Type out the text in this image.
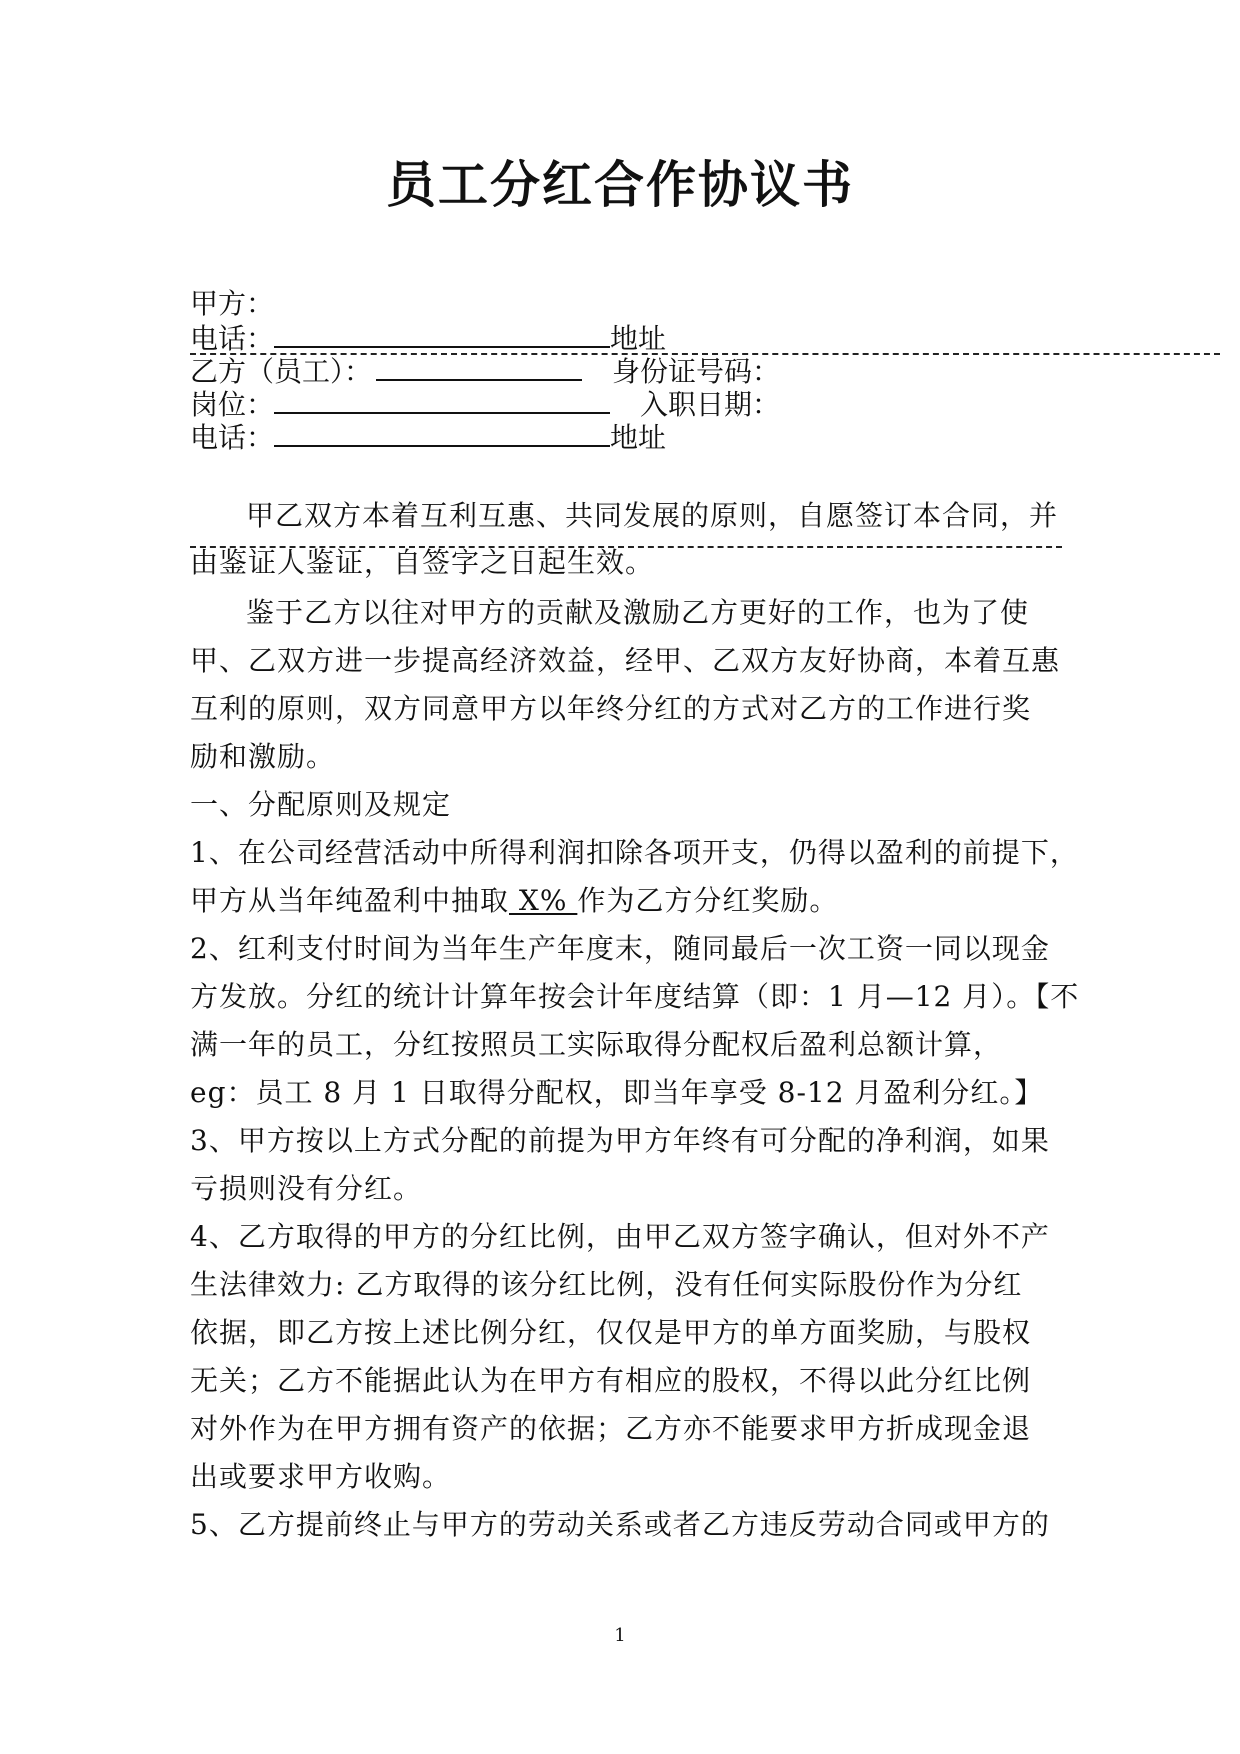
员工分红合作协议书
甲方：
电话：	地址
乙方（员工）：	身份证号码：
岗位：	入职日期：
电话：	地址
甲乙双方本着互利互惠、共同发展的原则，自愿签订本合同，并
由鉴证人鉴证，自签字之日起生效。
鉴于乙方以往对甲方的贡献及激励乙方更好的工作，也为了使
甲、乙双方进一步提高经济效益，经甲、乙双方友好协商，本着互惠
互利的原则，双方同意甲方以年终分红的方式对乙方的工作进行奖
励和激励。
一、分配原则及规定
1、在公司经营活动中所得利润扣除各项开支，仍得以盈利的前提下，
甲方从当年纯盈利中抽取 X% 作为乙方分红奖励。
2、红利支付时间为当年生产年度末，随同最后一次工资一同以现金
方发放。分红的统计计算年按会计年度结算（即：1 月—12 月）。【不
满一年的员工，分红按照员工实际取得分配权后盈利总额计算，
eg：员工 8 月 1 日取得分配权，即当年享受 8-12 月盈利分红。】
3、甲方按以上方式分配的前提为甲方年终有可分配的净利润，如果
亏损则没有分红。
4、乙方取得的甲方的分红比例，由甲乙双方签字确认，但对外不产
生法律效力: 乙方取得的该分红比例，没有任何实际股份作为分红
依据，即乙方按上述比例分红，仅仅是甲方的单方面奖励，与股权
无关；乙方不能据此认为在甲方有相应的股权，不得以此分红比例
对外作为在甲方拥有资产的依据；乙方亦不能要求甲方折成现金退
出或要求甲方收购。
5、乙方提前终止与甲方的劳动关系或者乙方违反劳动合同或甲方的
1
